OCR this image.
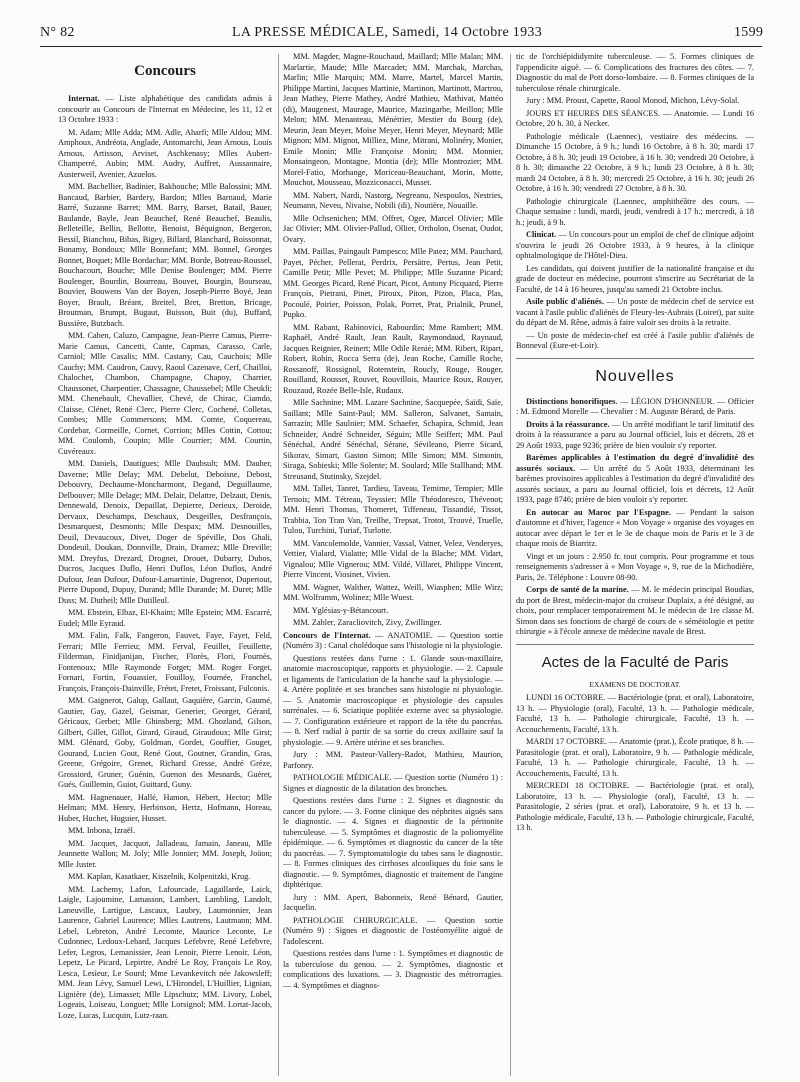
N° 82	LA PRESSE MÉDICALE, Samedi, 14 Octobre 1933	1599
Concours

Internat. — Liste alphabétique des candidats admis à concourir au Concours de l'Internat en Médecine, les 11, 12 et 13 Octobre 1933 :

M. Adam; Mlle Adda; MM. Adle, Aharfi; Mlle Aldou; MM. Amphoux, Andréota, Anglade, Antomarchi, Jean Arnous, Louis Arnous, Artisson, Arviset, Aschkenasy; Mlles Aubert-Champerré, Aubin; MM. Audry, Auffret, Aussannaire, Austerweil, Avenier, Azuelos.

MM. Bachellier, Badinier, Bakhouche; Mlle Balossini; MM. Bancaud, Barbier, Bardery, Bardon; Mlles Barnaud, Marie Barré, Suzanne Barret; MM. Barry, Barset, Batail, Bauer, Baulande, Bayle, Jean Beauchef, René Beauchef, Beaulis, Belleteille, Bellin, Bellotte, Benoist, Béquignon, Bergeron, Bessil, Bianchou, Bibas, Bigey, Billard, Blanchard, Boissonnat, Bonamy, Bondoux; Mlle Bonnefant; MM. Bonnel, Georges Bonnet, Boquet; Mlle Bordachar; MM. Borde, Botreau-Roussel, Bouchacourt, Bouche; Mlle Denise Boulenger; MM. Pierre Boulenger, Bourdin, Bourreau, Bouvet, Bourgin, Bourseau, Bouvier, Bouwens Van der Boyen, Joseph-Pierre Boyé, Jean Boyer, Brault, Bréant, Breitel, Bret, Bretton, Bricage, Broutman, Brumpt, Bugaut, Buisson, Buit (du), Buffard, Bussière, Butzbach.

MM. Cahen, Caluzo, Campagne, Jean-Pierre Camus, Pierre-Marie Camus, Cancetti, Cante, Capmas, Carasso, Carle, Carniol; Mlle Casalis; MM. Castany, Cau, Cauchois; Mlle Cauchy; MM. Caudron, Cauvy, Raoul Cazenave, Cerf, Chailloi, Chalochet, Chambon, Champagne, Chapoy, Charrier, Chaussonet, Charpentier, Chassagne, Chaussebel; Mlle Cheukli; MM. Chenebault, Chevallier, Chevé, de Chirac, Ciamdo, Claisse, Clénet, René Clerc, Pierre Clerc, Cochené, Colletas, Combes; Mlle Commersons; MM. Comte, Coquereau, Cordebar, Cormeille, Cornet, Corrion; Mlles Cottin, Cottou; MM. Coulomb, Coupin; Mlle Courrier; MM. Courtin, Cuvéreaux.

MM. Daniels, Dautigues; Mlle Daubsult; MM. Dauher, Daverne; Mlle Delay; MM. Debelut, Deboisne, Debost, Debouvry, Dechaume-Moncharmont, Degand, Deguillaume, Delbouver; Mlle Delage; MM. Delair, Delattre, Delzaut, Denis, Dennewald, Denoix, Depaillat, Depierre, Derieux, Deroide, Dervaux, Deschamps, Deschaux, Desgeilles, Desfrançois, Desmarquest, Desmonts; Mlle Despax; MM. Desnouilles, Deuil, Devaucoux, Divet, Doger de Spéville, Dos Ghali, Dondeuil, Doukan, Donnville, Drain, Dramez; Mlle Dreville; MM. Dreyfus, Drezard, Drognet, Drouet, Dubarry, Dubos, Ducros, Jacques Duflo, Henri Duflos, Léon Duflos, André Dufour, Jean Dufour, Dufour-Lamartinie, Dugrenot, Dupertout, Pierre Dupond, Dupuy, Durand; Mlle Durande; M. Duret; Mlle Duss; M. Dutheil; Mlle Dutilleul.

MM. Ebstein, Elbaz, El-Khaim; Mlle Epstein; MM. Escarré, Eudel; Mlle Eyraud.

MM. Falin, Falk, Fangeron, Fauvet, Faye, Fayet, Feld, Ferrari; Mlle Ferrieu; MM. Ferval, Feuillet, Feuillette, Filderman, Finidjanijan, Fischer, Florès, Flori, Fournès, Fontenoux; Mlle Raymonde Forget; MM. Roger Forget, Fornari, Fortin, Fouassier, Fouilloy, Fournée, Franchel, François, François-Dainville, Frétet, Fretet, Froissant, Fulconis.

MM. Gaignerot, Galup, Gallaut, Gaquière, Garcin, Gaumé, Gautier, Gay, Gazel, Geismar, Generier, Georget, Gérard, Géricaux, Gerbet; Mlle Ghinsberg; MM. Ghozland, Gilson, Gilbert, Gillet, Gillot, Girard, Giraud, Giraudoux; Mlle Girst; MM. Glénard, Goby, Goldman, Gordet, Gouffier, Gouget, Gourand, Lucien Gout, René Gout, Goutner, Grandin, Gras, Greene, Grégoire, Grenet, Richard Gresse, André Grèze, Grossiord, Gruner, Guénin, Guenon des Mesnards, Guéret, Gués, Guillemin, Guiot, Guittard, Guny.

MM. Hagnenauer, Hallé, Hamon, Hébert, Hector; Mlle Helman; MM. Henry, Herbinson, Hertz, Hofmann, Horeau, Huber, Huchet, Huguier, Husset.

MM. Inbona, Izraël.

MM. Jacquet, Jacquot, Jalladeau, Jamain, Janeau, Mlle Jeannette Wallon; M. Joly; Mlle Jonnier; MM. Joseph, Joüon; Mlle Juster.

MM. Kaplan, Kasatkaer, Kiszelnik, Kolpenitzki, Krug.

MM. Lachemy, Lafon, Lafourcade, Lagaillarde, Laick, Laigle, Lajoumine, Lamasson, Lambert, Lambling, Landolt, Laneuville, Lartigue, Lascaux, Laubry, Laumonnier, Jean Laurence, Gabriel Laurence; Mlles Lautrens, Lautmann; MM. Lebel, Lebreton, André Lecomte, Maurice Leconte, Le Cudonnec, Ledoux-Lebard, Jacques Lefebvre, René Lefebvre, Lefer, Legros, Lemanissier, Jean Lenoir, Pierre Lenoir, Léon, Lepetz, Le Picard, Lepirtre, André Le Roy, François Le Roy, Lesca, Lesieur, Le Sourd; Mme Levankevitch née Jakowsleff; MM. Jean Lévy, Samuel Lewi, L'Hirondel, L'Huillier, Lignian, Lignière (de), Limasset; Mlle Lipschutz; MM. Livory, Lobel, Logeais, Loiseau, Longuet; Mlle Lorsignol; MM. Lortat-Jacob, Loze, Lucas, Lucquin, Lutz-raan.

MM. Magder, Magne-Rouchaud, Maillard; Mlle Malan; MM. Marlartie, Maude; Mlle Marcadet; MM. Marchak, Marchas, Marlin; Mlle Marquis; MM. Marre, Martel, Marcel Martin, Philippe Martini, Jacques Martinie, Martinon, Martinott, Martrou, Jean Mathey, Pierre Mathey, André Mathieu, Mathivat, Mattéo (di), Maugenest, Maurage, Maurice, Mazingarbe, Meillon; Mlle Melon; MM. Menanteau, Ménétrier, Mestier du Bourg (de), Meurin, Jean Meyer, Moïse Meyer, Henri Meyer, Meynard; Mlle Mignon; MM. Mignot, Milliez, Mine, Mitrani, Molinéry, Monier, Emile Monin; Mlle Françoise Monin; MM. Monnier, Monsaingeon, Montagne, Montia (de); Mlle Montrozier; MM. Morel-Fatio, Morhange, Moriceau-Beauchant, Morin, Motte, Mouchot, Mousseau, Mozziconacci, Musset.

MM. Nabert, Nardi, Nastorg, Negreanu, Nespoulos, Nestries, Neumann, Neveu, Nivaise, Nobili (di), Noutière, Nouaille.

Mlle Ochsenichen; MM. Offret, Oger, Marcel Olivier; Mlle Jac Olivier; MM. Olivier-Pallud, Ollier, Ortholon, Osenat, Oudot, Ovary.

MM. Paillas, Paingault Pampesco; Mlle Patez; MM. Pauchard, Payet, Pécher, Pellerat, Perdrix, Persätre, Pertus, Jean Petit, Camille Petit; Mlle Pevet; M. Philippe; Mlle Suzanne Picard; MM. Georges Picard, René Picart, Picot, Antony Picquard, Pierre François, Pietrani, Pinet, Piroux, Piton, Pizon, Placa, Plas, Pocoulé, Poirier, Poisson, Polak, Porret, Prat, Prialnik, Prunel, Pupko.

MM. Rabant, Rabinovici, Rabourdin; Mme Rambert; MM. Raphaël, André Rault, Jean Rault, Raymondaud, Raynaud, Jacques Reignier, Reinert; Mlle Odile Renié; MM. Ribert, Ripart, Robert, Robin, Rocca Serra (de), Jean Roche, Camille Roche, Rossanoff, Rossignol, Rotenstein, Roucly, Rouge, Rouger, Rouilland, Rousset, Rouvet, Rouvillois, Maurice Roux, Rouyer, Rouzaud, Rozée Belle-Isle, Rudaux.

Mlle Sachnine; MM. Lazare Sachnine, Sacquepée, Saïdi, Saïe, Saillant; Mlle Saint-Paul; MM. Salleron, Salvanet, Samain, Sarrazin; Mlle Saulnier; MM. Schaefer, Schapira, Schmid, Jean Schneider, André Schneider, Séguin; Mlle Seiffert; MM. Paul Sénéchal, André Sénéchal, Sérane, Sévileano, Pierre Sicard, Sikorav, Simart, Gaston Simon; Mlle Simon; MM. Simonin, Siraga, Sobieski; Mlle Solente; M. Soulard; Mlle Stallhand; MM. Streusand, Stutinsky, Szejdel.

MM. Tallet, Tanret, Tardieu, Taveau, Temime, Tempier; Mlle Ternois; MM. Tétreau, Teyssier; Mlle Théodoresco, Thévenot; MM. Henri Thomas, Thomeret, Tiffeneau, Tissandié, Tissot, Trabbia, Ton Tran Van, Treilhe, Trepsat, Trotot, Trouvé, Truelle, Tulou, Turchini, Turiaf, Turlotte.

MM. Vancolemolde, Vannier, Vassal, Vatner, Velez, Venderyes, Vettier, Vialard, Vialatte; Mlle Vidal de la Blache; MM. Vidart, Vignalou; Mlle Vignerou; MM. Vildé, Villaret, Philippe Vincent, Pierre Vincent, Viosinet, Vivien.

MM. Wagner, Walther, Wattez, Weill, Wiasphen; Mlle Wirz; MM. Wolframm, Wolinez; Mlle Wuest.

MM. Yglésias-y-Bétancourt.

MM. Zahler, Zaracliovitch, Zivy, Zwillinger.

Concours de l'Internat. — ANATOMIE. — Question sortie (Numéro 3) : Canal cholédoque sans l'histologie ni la physiologie.

Questions restées dans l'urne : 1. Glande sous-maxillaire, anatomie macroscopique, rapports et physiologie. — 2. Capsule et ligaments de l'articulation de la hanche sauf la physiologie. — 4. Artère poplitée et ses branches sans histologie ni physiologie. — 5. Anatomie macroscopique et physiologie des capsules surrénales. — 6. Sciatique poplitée externe avec sa physiologie. — 7. Configuration extérieure et rapport de la tête du pancréas. — 8. Nerf radial à partir de sa sortie du creux axillaire sauf la physiologie. — 9. Artère utérine et ses branches.

Jury : MM. Pasteur-Vallery-Radot, Mathieu, Maurion, Parfonry.

PATHOLOGIE MÉDICALE. — Question sortie (Numéro 1) : Signes et diagnostic de la dilatation des bronches.

Questions restées dans l'urne : 2. Signes et diagnostic du cancer du pylore. — 3. Forme clinique des néphrites aiguës sans le diagnostic. — 4. Signes et diagnostic de la péritonite tuberculeuse. — 5. Symptômes et diagnostic de la poliomyélite épidémique. — 6. Symptômes et diagnostic du cancer de la tête du pancréas. — 7. Symptomatologie du tabes sans le diagnostic. — 8. Formes cliniques des cirrhoses alcooliques du foie sans le diagnostic. — 9. Symptômes, diagnostic et traitement de l'angine diphtérique.

Jury : MM. Apert, Babonneix, René Bénard, Gautier, Jacquelin.

PATHOLOGIE CHIRURGICALE. — Question sortie (Numéro 9) : Signes et diagnostic de l'ostéomyélite aiguë de l'adolescent.

Questions restées dans l'urne : 1. Symptômes et diagnostic de la tuberculose du genou. — 2. Symptômes, diagnostic et complications des luxations. — 3. Diagnostic des métrorragies. — 4. Symptômes et diagnos-

tic de l'orchiépididymite tuberculeuse. — 5. Formes cliniques de l'appendicite aiguë. — 6. Complications des fractures des côtes. — 7. Diagnostic du mal de Pott dorso-lombaire. — 8. Formes cliniques de la tuberculose rénale chirurgicale.

Jury : MM. Proust, Capette, Raoul Monod, Michon, Lévy-Solal.

JOURS ET HEURES DES SÉANCES. — Anatomie. — Lundi 16 Octobre, 20 h. 30, à Necker.

Pathologie médicale (Laennec), vestiaire des médecins. — Dimanche 15 Octobre, à 9 h.; lundi 16 Octobre, à 8 h. 30; mardi 17 Octobre, à 8 h. 30; jeudi 19 Octobre, à 16 h. 30; vendredi 20 Octobre, à 8 h. 30; dimanche 22 Octobre, à 9 h.; lundi 23 Octobre, à 8 h. 30; mardi 24 Octobre, à 8 h. 30; mercredi 25 Octobre, à 16 h. 30; jeudi 26 Octobre, à 16 h. 30; vendredi 27 Octobre, à 8 h. 30.

Pathologie chirurgicale (Laennec, amphithéâtre des cours. — Chaque semaine : lundi, mardi, jeudi, vendredi à 17 h.; mercredi, à 18 h.; jeudi, à 9 h.

Clinicat. — Un concours pour un emploi de chef de clinique adjoint s'ouvrira le jeudi 26 Octobre 1933, à 9 heures, à la clinique ophtalmologique de l'Hôtel-Dieu.

Les candidats, qui doivent justifier de la nationalité française et du grade de docteur en médecine, pourront s'inscrire au Secrétariat de la Faculté, de 14 à 16 heures, jusqu'au samedi 21 Octobre inclus.

Asile public d'aliénés. — Un poste de médecin chef de service est vacant à l'asile public d'aliénés de Fleury-les-Aubrais (Loiret), par suite du départ de M. Rêne, admis à faire valoir ses droits à la retraite.

— Un poste de médecin-chef est créé à l'asile public d'aliénés de Bonneval (Eure-et-Loir).

Nouvelles

Distinctions honorifiques. — LÉGION D'HONNEUR. — Officier : M. Edmond Morelle — Chevalier : M. Auguste Bérard, de Paris.

Droits à la réassurance. — Un arrêté modifiant le tarif limitatif des droits à la réassurance a paru au Journal officiel, lois et décrets, 28 et 29 Août 1933, page 9236; prière de bien vouloir s'y reporter.

Barèmes applicables à l'estimation du degré d'invalidité des assurés sociaux. — Un arrêté du 5 Août 1933, déterminant les barèmes provisoires applicables à l'estimation du degré d'invalidité des assurés sociaux, a paru au Journal officiel, lois et décrets, 12 Août 1933, page 8746; prière de bien vouloir s'y reporter.

En autocar au Maroc par l'Espagne. — Pendant la saison d'automne et d'hiver, l'agence « Mon Voyage » organise des voyages en autocar avec départ le 1er et le 3e de chaque mois de Paris et le 3 de chaque mois de Biarritz.

Vingt et un jours : 2.950 fr. tout compris. Pour programme et tous renseignements s'adresser à « Mon Voyage », 9, rue de la Michodière, Paris, 2e. Téléphone : Louvre 08-90.

Corps de santé de la marine. — M. le médecin principal Boudias, du port de Brest, médecin-major du croiseur Duplaix, a été désigné, au choix, pour remplacer temporairement M. le médecin de 1re classe M. Simon dans ses fonctions de chargé de cours de « séméiologie et petite chirurgie » à l'école annexe de médecine navale de Brest.

Actes de la Faculté de Paris

EXAMENS DE DOCTORAT.

LUNDI 16 OCTOBRE. — Bactériologie (prat. et oral), Laboratoire, 13 h. — Physiologie (oral), Faculté, 13 h. — Pathologie médicale, Faculté, 13 h. — Pathologie chirurgicale, Faculté, 13 h. — Accouchements, Faculté, 13 h.

MARDI 17 OCTOBRE. — Anatomie (prat.), École pratique, 8 h. — Parasitologie (prat. et oral), Laboratoire, 9 h. — Pathologie médicale, Faculté, 13 h. — Pathologie chirurgicale, Faculté, 13 h. — Accouchements, Faculté, 13 h.

MERCREDI 18 OCTOBRE. — Bactériologie (prat. et oral), Laboratoire, 13 h. — Physiologie (oral), Faculté, 13 h. — Parasitologie, 2 séries (prat. et oral), Laboratoire, 9 h. et 13 h. — Pathologie médicale, Faculté, 13 h. — Pathologie chirurgicale, Faculté, 13 h.
